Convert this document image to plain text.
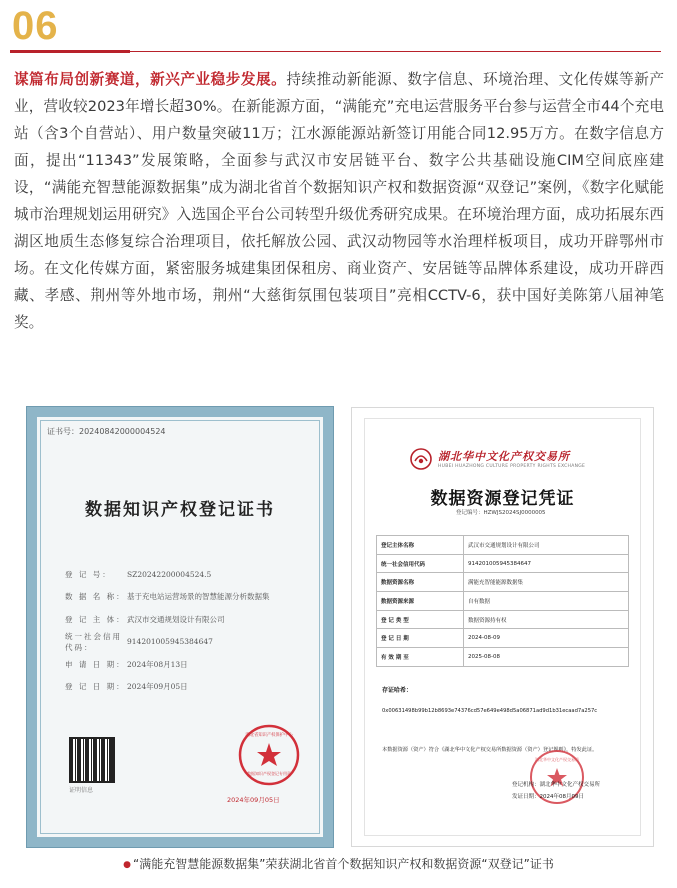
06

谋篇布局创新赛道，新兴产业稳步发展。持续推动新能源、数字信息、环境治理、文化传媒等新产业，营收较2023年增长超30%。在新能源方面，“满能充”充电运营服务平台参与运营全市44个充电站（含3个自营站）、用户数量突破11万；江水源能源站新签订用能合同12.95万方。在数字信息方面，提出“11343”发展策略，全面参与武汉市安居链平台、数字公共基础设施CIM空间底座建设，“满能充智慧能源数据集”成为湖北省首个数据知识产权和数据资源“双登记”案例，《数字化赋能城市治理规划运用研究》入选国企平台公司转型升级优秀研究成果。在环境治理方面，成功拓展东西湖区地质生态修复综合治理项目，依托解放公园、武汉动物园等水治理样板项目，成功开辟鄂州市场。在文化传媒方面，紧密服务城建集团保租房、商业资产、安居链等品牌体系建设，成功开辟西藏、孝感、荆州等外地市场，荆州“大慈街氛围包装项目”亮相CCTV-6，获中国好美陈第八届神笔奖。

证书号：20240842000004524
数据知识产权登记证书
登 记 号：	SZ20242200004524.5
数 据 名 称： 基于充电站运营场景的智慧能源分析数据集
登 记 主 体： 武汉市交通规划设计有限公司
统一社会信用代码：
914201005945384647
申 请 日 期： 2024年08月13日
登 记 日 期： 2024年09月05日
证明信息
数据知识产权登记专用章
湖北省知识产权保护中心
2024年09月05日
湖北华中文化产权交易所
HUBEI HUAZHONG CULTURE PROPERTY RIGHTS EXCHANGE
数据资源登记凭证
登记编号：HZWJS2024SJ0000005
登记主体名称	武汉市交通规划设计有限公司
统一社会信用代码	914201005945384647
数据资源名称	满能充智能能源数据集
数据资源来源	自有数据
登 记 类 型	数据资源持有权
登 记 日 期	2024-08-09
有 效 期 至	2025-08-08
存证哈希：
0x00631498b99b12b8693e74376cd57e649e498d5a06871ad9d1b31ecaad7a257c
本数据资源（资产）符合《湖北华中文化产权交易所数据资源（资产）登记规则》，特发此证。
湖北华中文化产权交易所
登记机构：湖北华中文化产权交易所
发证日期：2024年08月09日
● “满能充智慧能源数据集”荣获湖北省首个数据知识产权和数据资源“双登记”证书
